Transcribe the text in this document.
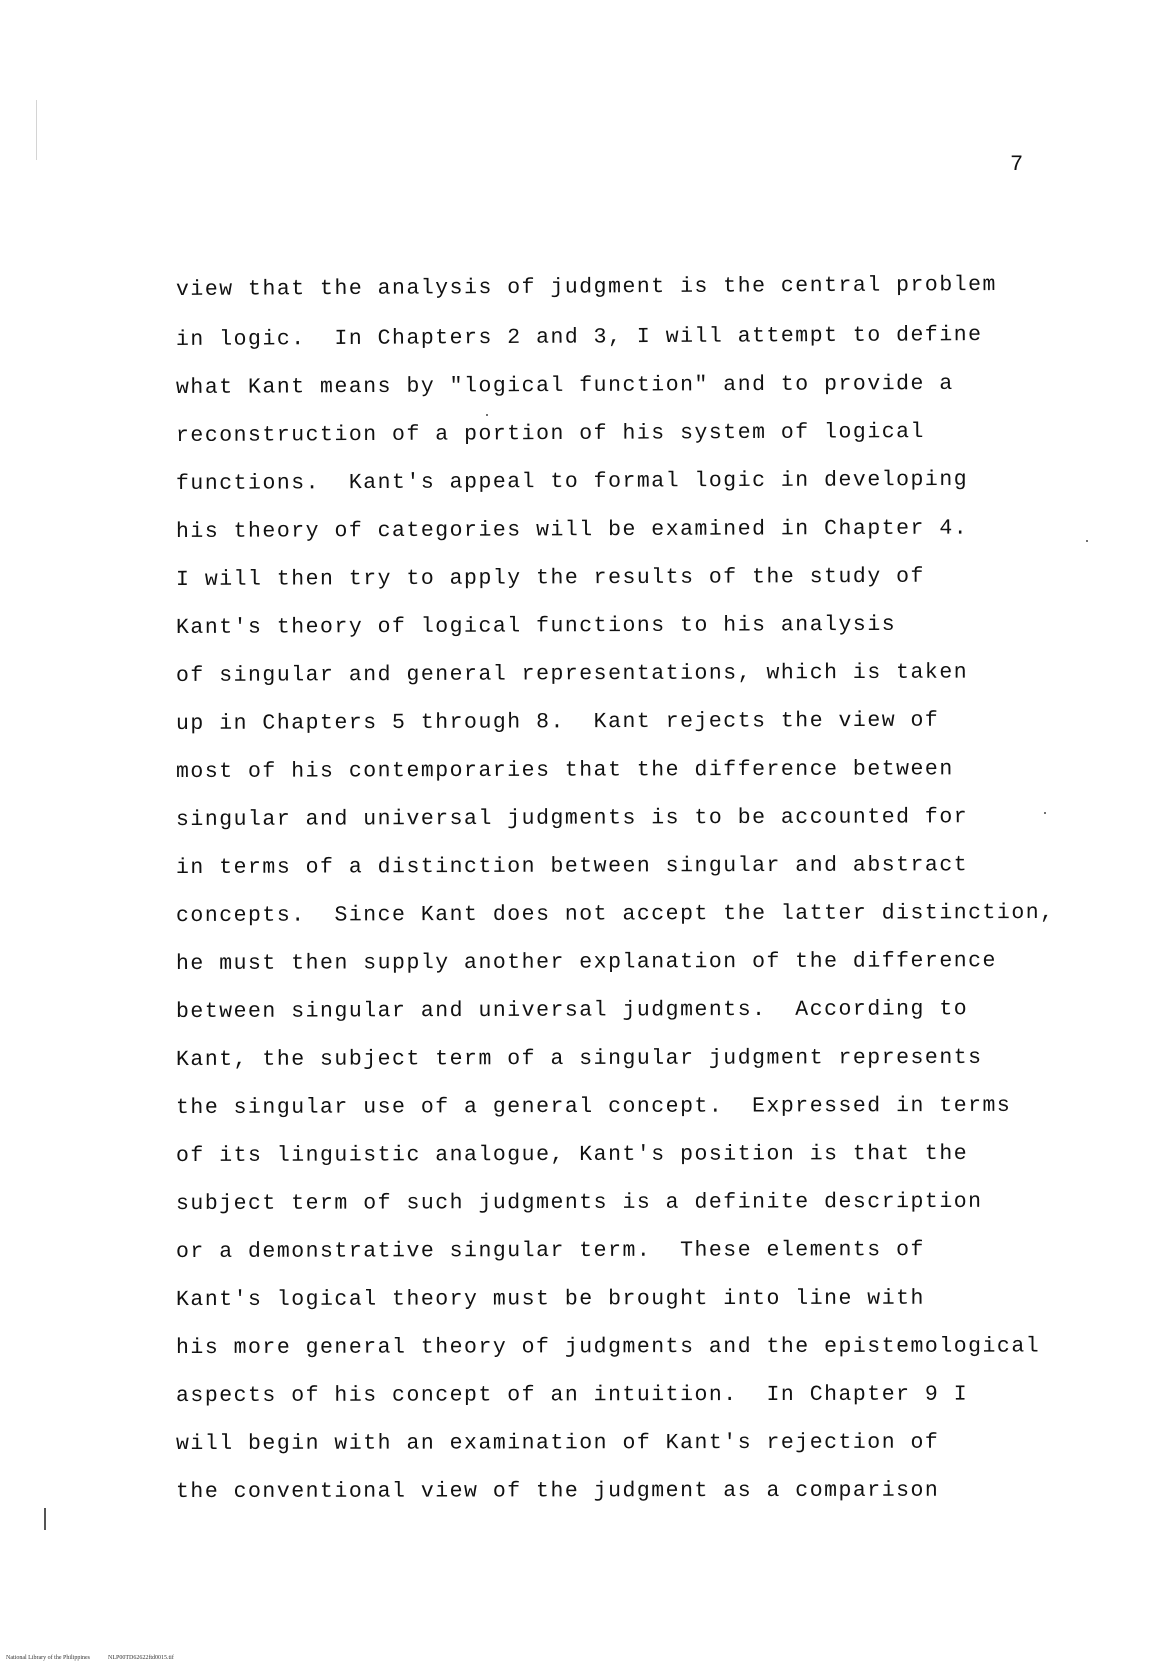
7
view that the analysis of judgment is the central problem
in logic.  In Chapters 2 and 3, I will attempt to define
what Kant means by "logical function" and to provide a
reconstruction of a portion of his system of logical
functions.  Kant's appeal to formal logic in developing
his theory of categories will be examined in Chapter 4.
I will then try to apply the results of the study of
Kant's theory of logical functions to his analysis
of singular and general representations, which is taken
up in Chapters 5 through 8.  Kant rejects the view of
most of his contemporaries that the difference between
singular and universal judgments is to be accounted for
in terms of a distinction between singular and abstract
concepts.  Since Kant does not accept the latter distinction,
he must then supply another explanation of the difference
between singular and universal judgments.  According to
Kant, the subject term of a singular judgment represents
the singular use of a general concept.  Expressed in terms
of its linguistic analogue, Kant's position is that the
subject term of such judgments is a definite description
or a demonstrative singular term.  These elements of
Kant's logical theory must be brought into line with
his more general theory of judgments and the epistemological
aspects of his concept of an intuition.  In Chapter 9 I
will begin with an examination of Kant's rejection of
the conventional view of the judgment as a comparison

National Library of the Philippines	NLP00TD62622ftd0015.tif
